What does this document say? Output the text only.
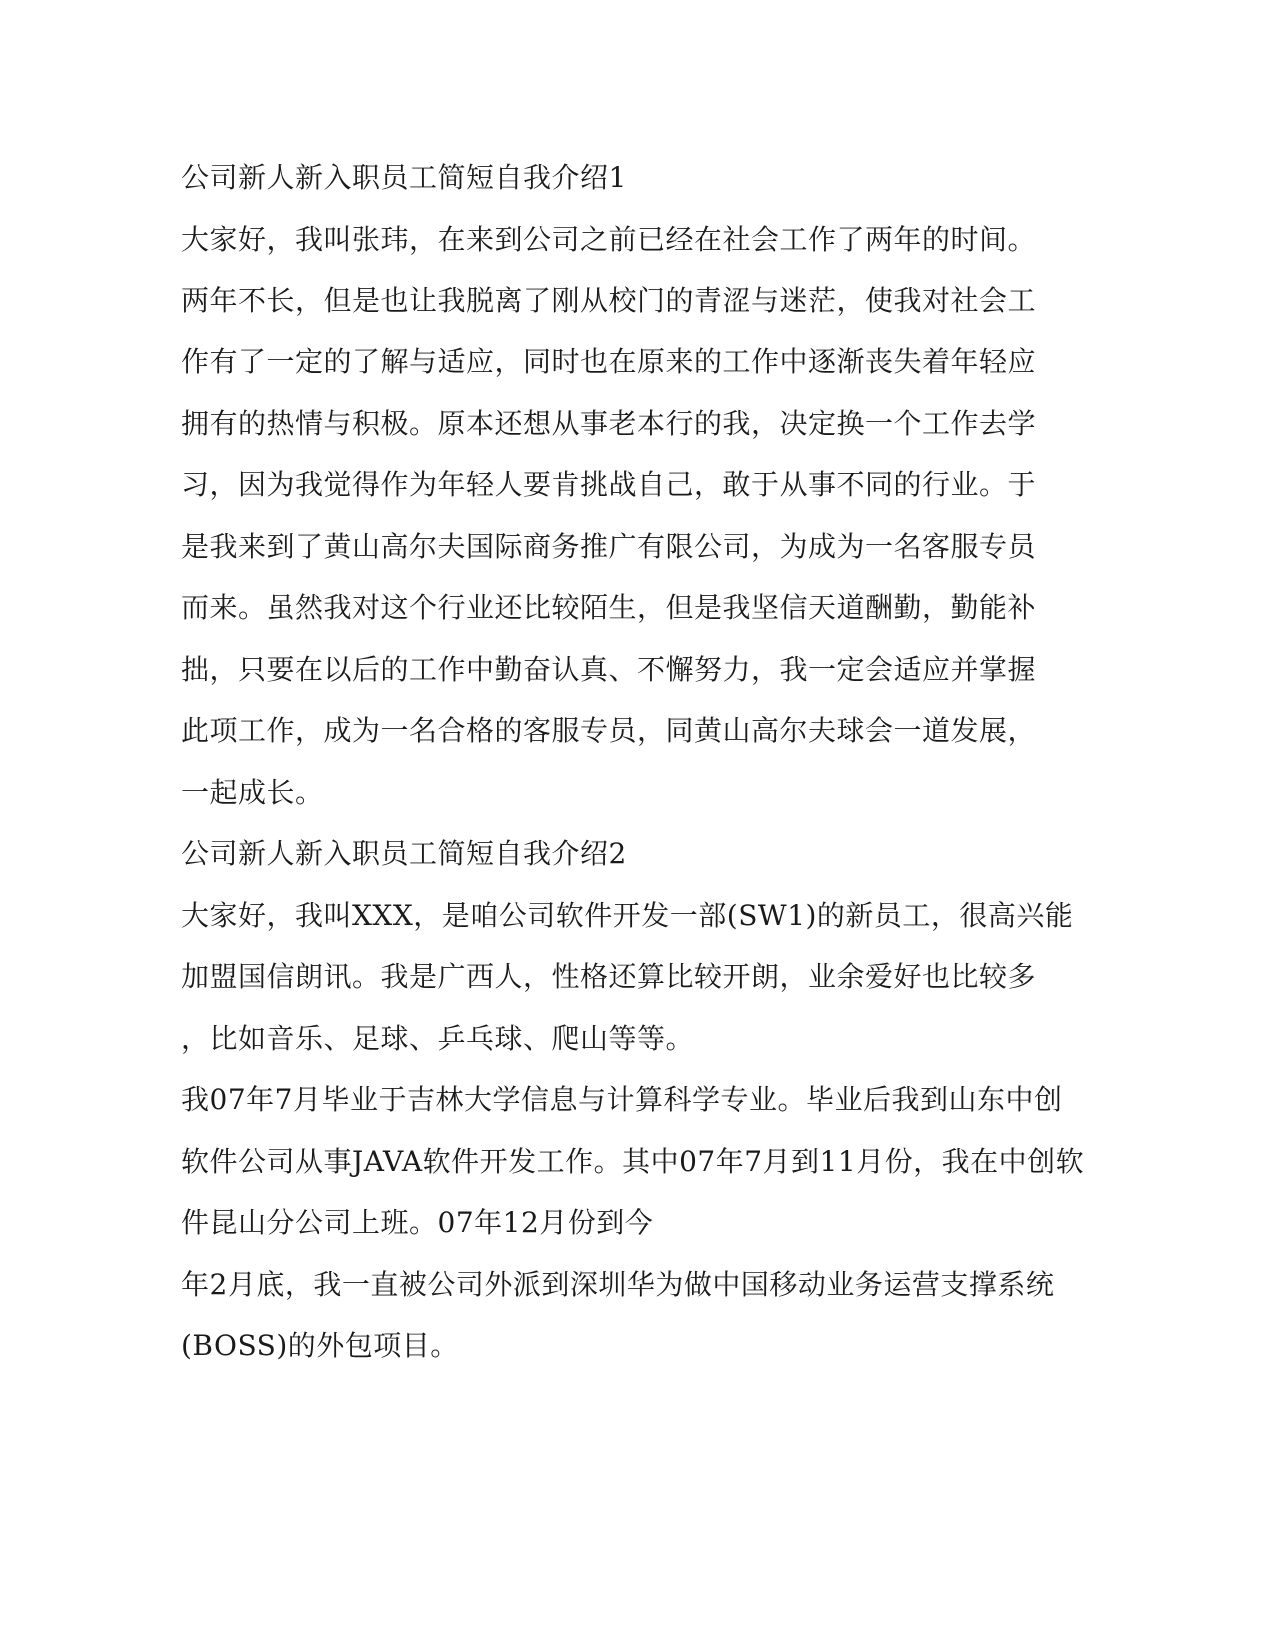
公司新人新入职员工简短自我介绍1

大家好，我叫张玮，在来到公司之前已经在社会工作了两年的时间。

两年不长，但是也让我脱离了刚从校门的青涩与迷茫，使我对社会工

作有了一定的了解与适应，同时也在原来的工作中逐渐丧失着年轻应

拥有的热情与积极。原本还想从事老本行的我，决定换一个工作去学

习，因为我觉得作为年轻人要肯挑战自己，敢于从事不同的行业。于

是我来到了黄山高尔夫国际商务推广有限公司，为成为一名客服专员

而来。虽然我对这个行业还比较陌生，但是我坚信天道酬勤，勤能补

拙，只要在以后的工作中勤奋认真、不懈努力，我一定会适应并掌握

此项工作，成为一名合格的客服专员，同黄山高尔夫球会一道发展，

一起成长。

公司新人新入职员工简短自我介绍2

大家好，我叫XXX，是咱公司软件开发一部(SW1)的新员工，很高兴能

加盟国信朗讯。我是广西人，性格还算比较开朗，业余爱好也比较多

，比如音乐、足球、乒乓球、爬山等等。

我07年7月毕业于吉林大学信息与计算科学专业。毕业后我到山东中创

软件公司从事JAVA软件开发工作。其中07年7月到11月份，我在中创软

件昆山分公司上班。07年12月份到今

年2月底，我一直被公司外派到深圳华为做中国移动业务运营支撑系统

(BOSS)的外包项目。
